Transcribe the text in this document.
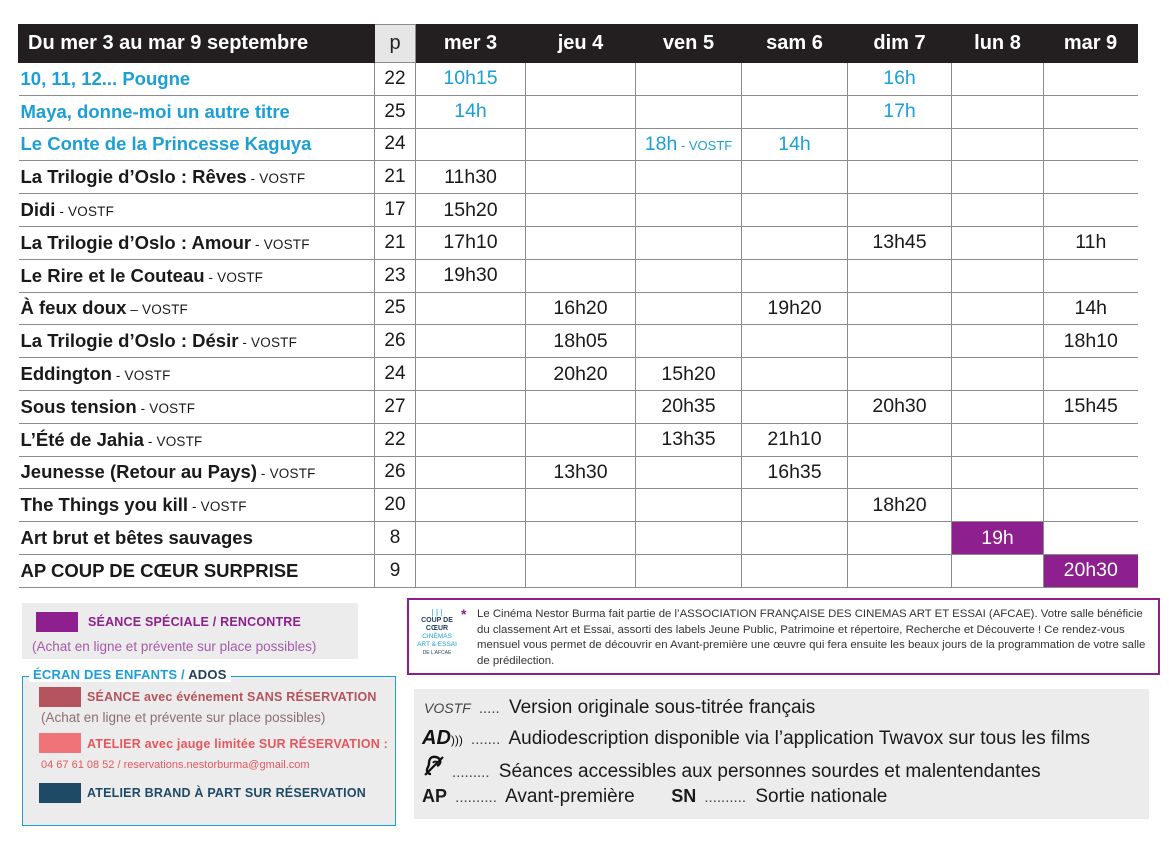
Du mer 3 au mar 9 septembre	p	mer 3	jeu 4	ven 5	sam 6	dim 7	lun 8	mar 9
10, 11, 12... Pougne	22	10h15				16h		
Maya, donne-moi un autre titre	25	14h				17h		
Le Conte de la Princesse Kaguya	24			18h - VOSTF	14h			
La Trilogie d’Oslo : Rêves - VOSTF	21	11h30						
Didi - VOSTF	17	15h20						
La Trilogie d’Oslo : Amour - VOSTF	21	17h10				13h45		11h
Le Rire et le Couteau - VOSTF	23	19h30						
À feux doux – VOSTF	25		16h20		19h20			14h
La Trilogie d’Oslo : Désir - VOSTF	26		18h05					18h10
Eddington - VOSTF	24		20h20	15h20				
Sous tension - VOSTF	27			20h35		20h30		15h45
L’Été de Jahia - VOSTF	22			13h35	21h10			
Jeunesse (Retour au Pays) - VOSTF	26		13h30		16h35			
The Things you kill - VOSTF	20					18h20		
Art brut et bêtes sauvages	8						19h	
AP COUP DE CŒUR SURPRISE	9							20h30
SÉANCE SPÉCIALE / RENCONTRE
(Achat en ligne et prévente sur place possibles)
ÉCRAN DES ENFANTS / ADOS
SÉANCE avec événement SANS RÉSERVATION
(Achat en ligne et prévente sur place possibles)
ATELIER avec jauge limitée SUR RÉSERVATION :
04 67 61 08 52 / reservations.nestorburma@gmail.com
ATELIER BRAND À PART SUR RÉSERVATION
| | |
COUP DE
CŒUR
CINÉMAS ART & ESSAI
DE L’AFCAE
* Le Cinéma Nestor Burma fait partie de l’ASSOCIATION FRANÇAISE DES CINEMAS ART ET ESSAI (AFCAE). Votre salle bénéficie du classement Art et Essai, assorti des labels Jeune Public, Patrimoine et répertoire, Recherche et Découverte ! Ce rendez-vous mensuel vous permet de découvrir en Avant-première une œuvre qui fera ensuite les beaux jours de la programmation de votre salle de prédilection.
VOSTF ..... Version originale sous-titrée français
AD))) ....... Audiodescription disponible via l’application Twavox sur tous les films
......... Séances accessibles aux personnes sourdes et malentendantes
AP .......... Avant-première SN .......... Sortie nationale
